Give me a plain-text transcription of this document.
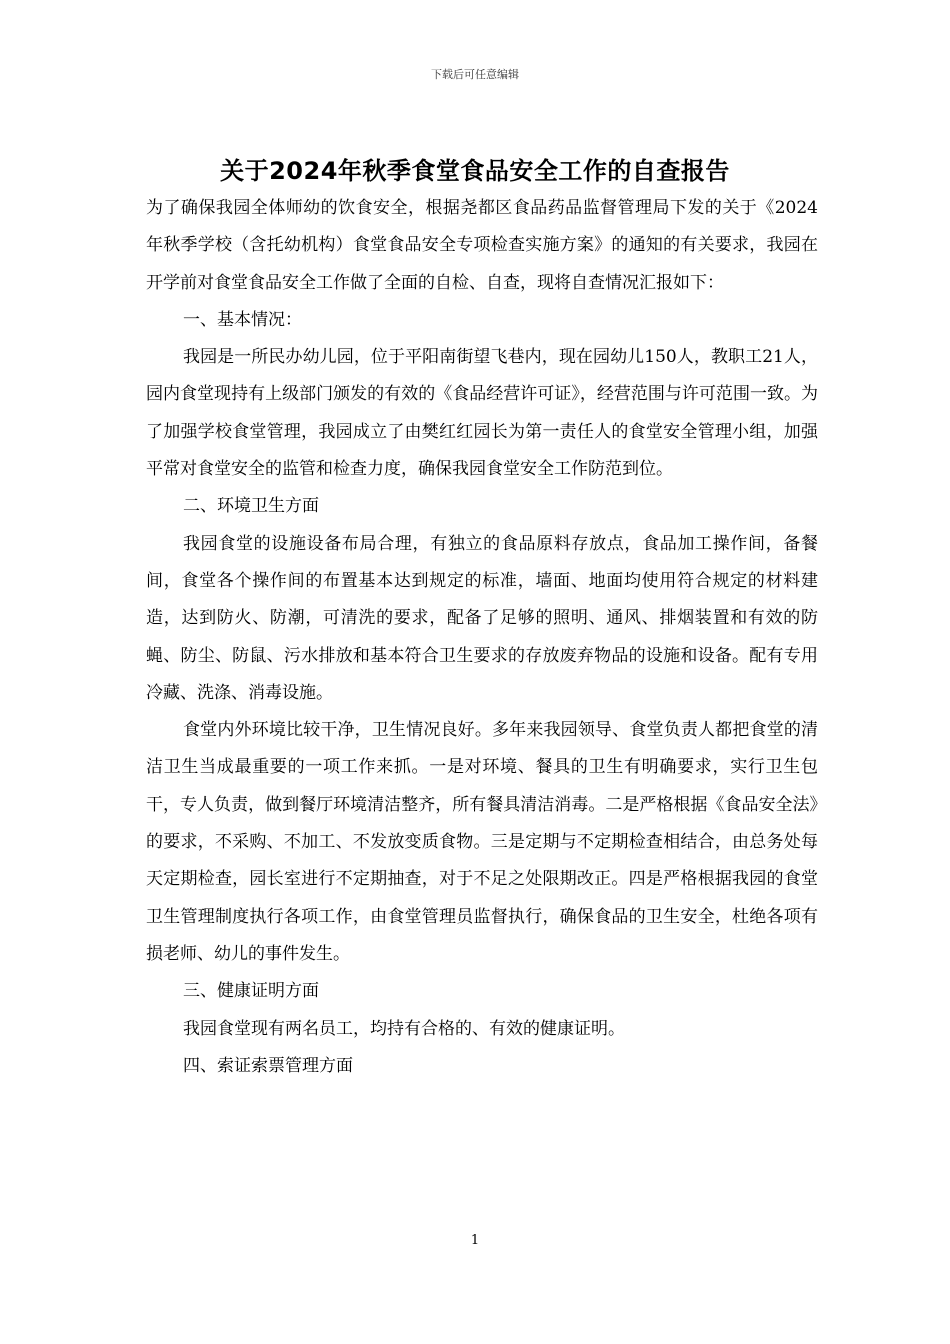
下载后可任意编辑
关于2024年秋季食堂食品安全工作的自查报告

为了确保我园全体师幼的饮食安全，根据尧都区食品药品监督管理局下发的关于《2024年秋季学校（含托幼机构）食堂食品安全专项检查实施方案》的通知的有关要求，我园在开学前对食堂食品安全工作做了全面的自检、自查，现将自查情况汇报如下：

一、基本情况：

我园是一所民办幼儿园，位于平阳南街望飞巷内，现在园幼儿150人，教职工21人，园内食堂现持有上级部门颁发的有效的《食品经营许可证》，经营范围与许可范围一致。为了加强学校食堂管理，我园成立了由樊红红园长为第一责任人的食堂安全管理小组，加强平常对食堂安全的监管和检查力度，确保我园食堂安全工作防范到位。

二、环境卫生方面

我园食堂的设施设备布局合理，有独立的食品原料存放点，食品加工操作间，备餐间，食堂各个操作间的布置基本达到规定的标准，墙面、地面均使用符合规定的材料建造，达到防火、防潮，可清洗的要求，配备了足够的照明、通风、排烟装置和有效的防蝇、防尘、防鼠、污水排放和基本符合卫生要求的存放废弃物品的设施和设备。配有专用冷藏、洗涤、消毒设施。

食堂内外环境比较干净，卫生情况良好。多年来我园领导、食堂负责人都把食堂的清洁卫生当成最重要的一项工作来抓。一是对环境、餐具的卫生有明确要求，实行卫生包干，专人负责，做到餐厅环境清洁整齐，所有餐具清洁消毒。二是严格根据《食品安全法》的要求，不采购、不加工、不发放变质食物。三是定期与不定期检查相结合，由总务处每天定期检查，园长室进行不定期抽查，对于不足之处限期改正。四是严格根据我园的食堂卫生管理制度执行各项工作，由食堂管理员监督执行，确保食品的卫生安全，杜绝各项有损老师、幼儿的事件发生。

三、健康证明方面

我园食堂现有两名员工，均持有合格的、有效的健康证明。

四、索证索票管理方面

1
